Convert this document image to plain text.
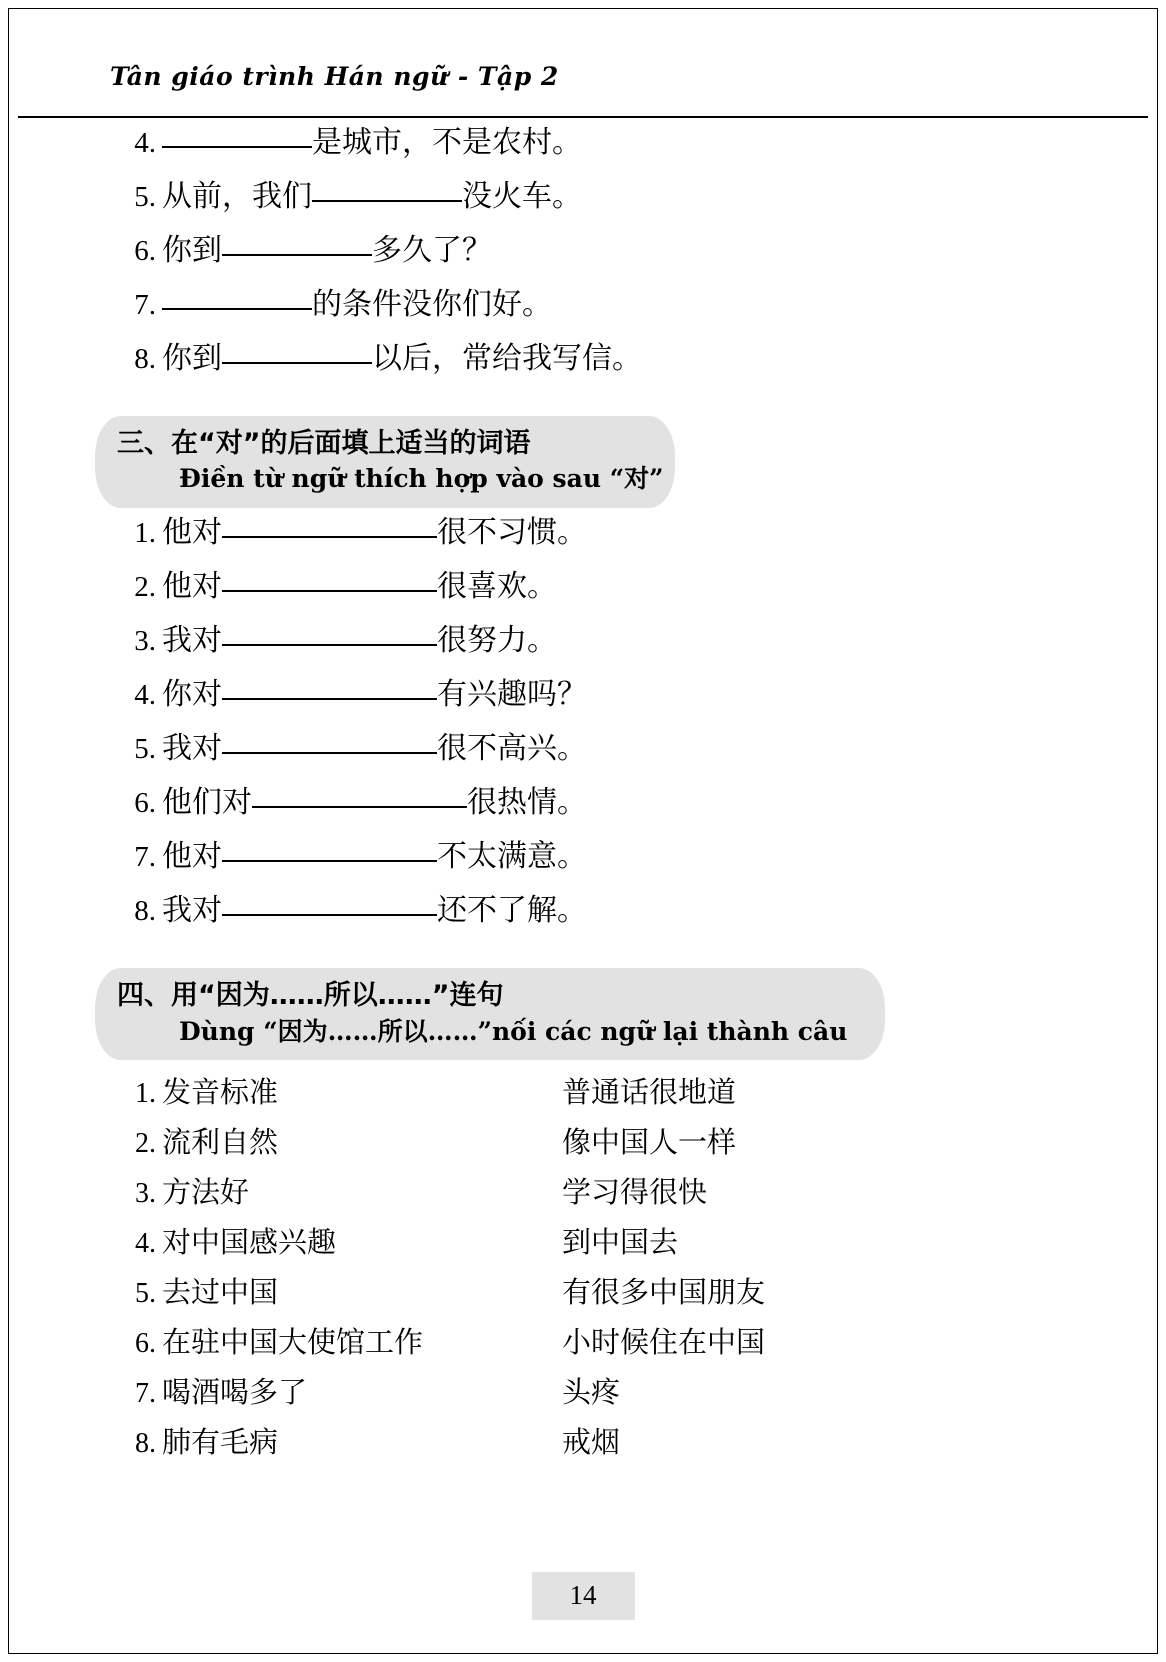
Tân giáo trình Hán ngữ - Tập 2
4.	是城市，不是农村。
5. 从前，我们	没火车。
6. 你到	多久了？
7.	的条件没你们好。
8. 你到	以后，常给我写信。
三、在“对”的后面填上适当的词语
Điền từ ngữ thích hợp vào sau “对”
1. 他对	很不习惯。
2. 他对	很喜欢。
3. 我对	很努力。
4. 你对	有兴趣吗？
5. 我对	很不高兴。
6. 他们对	很热情。
7. 他对	不太满意。
8. 我对	还不了解。
四、用“因为……所以……”连句
Dùng “因为……所以……”nối các ngữ lại thành câu
1. 发音标准	普通话很地道
2. 流利自然	像中国人一样
3. 方法好	学习得很快
4. 对中国感兴趣	到中国去
5. 去过中国	有很多中国朋友
6. 在驻中国大使馆工作	小时候住在中国
7. 喝酒喝多了	头疼
8. 肺有毛病	戒烟
14
